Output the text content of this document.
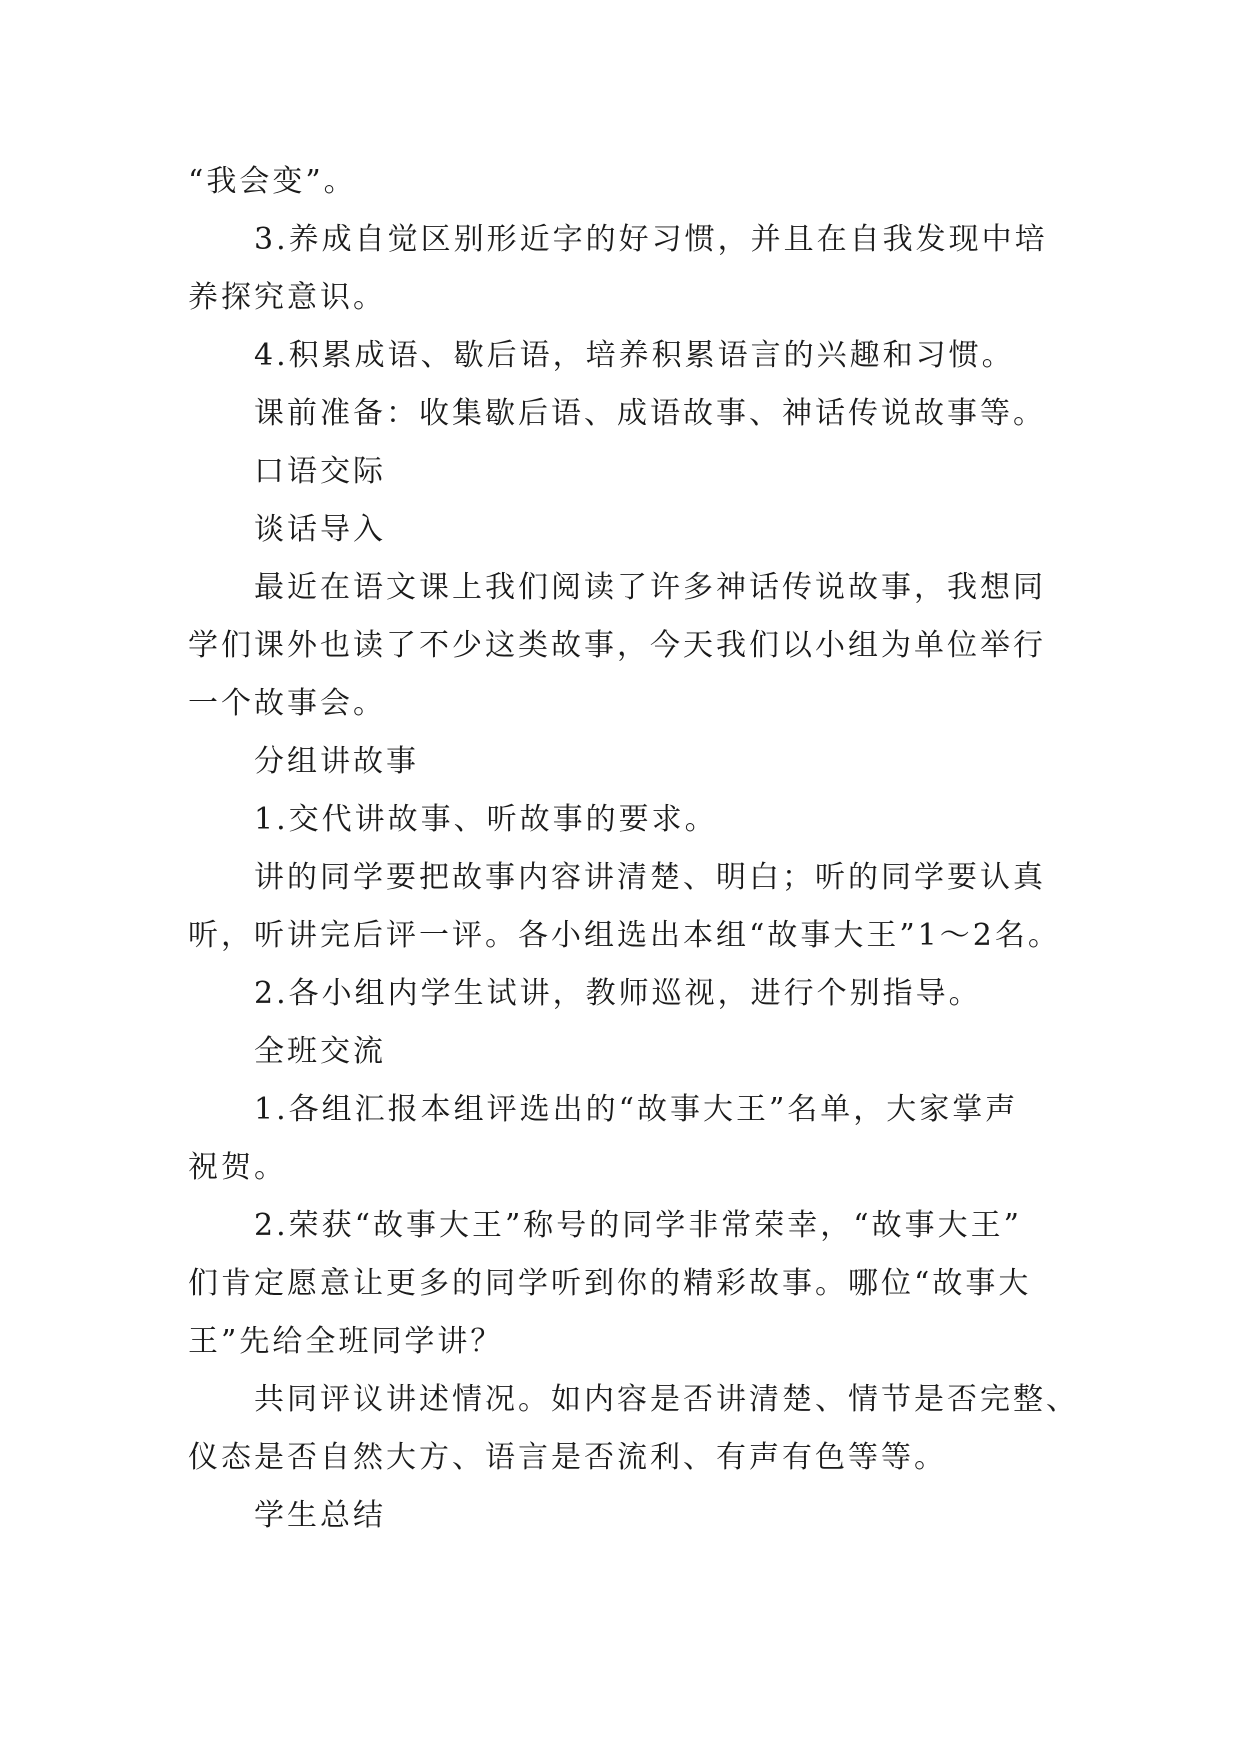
“我会变”。

3.养成自觉区别形近字的好习惯，并且在自我发现中培

养探究意识。

4.积累成语、歇后语，培养积累语言的兴趣和习惯。

课前准备：收集歇后语、成语故事、神话传说故事等。

口语交际

谈话导入

最近在语文课上我们阅读了许多神话传说故事，我想同

学们课外也读了不少这类故事，今天我们以小组为单位举行

一个故事会。

分组讲故事

1.交代讲故事、听故事的要求。

讲的同学要把故事内容讲清楚、明白；听的同学要认真

听，听讲完后评一评。各小组选出本组“故事大王”1～2名。

2.各小组内学生试讲，教师巡视，进行个别指导。

全班交流

1.各组汇报本组评选出的“故事大王”名单，大家掌声

祝贺。

2.荣获“故事大王”称号的同学非常荣幸，“故事大王”

们肯定愿意让更多的同学听到你的精彩故事。哪位“故事大

王”先给全班同学讲？

共同评议讲述情况。如内容是否讲清楚、情节是否完整、

仪态是否自然大方、语言是否流利、有声有色等等。

学生总结
